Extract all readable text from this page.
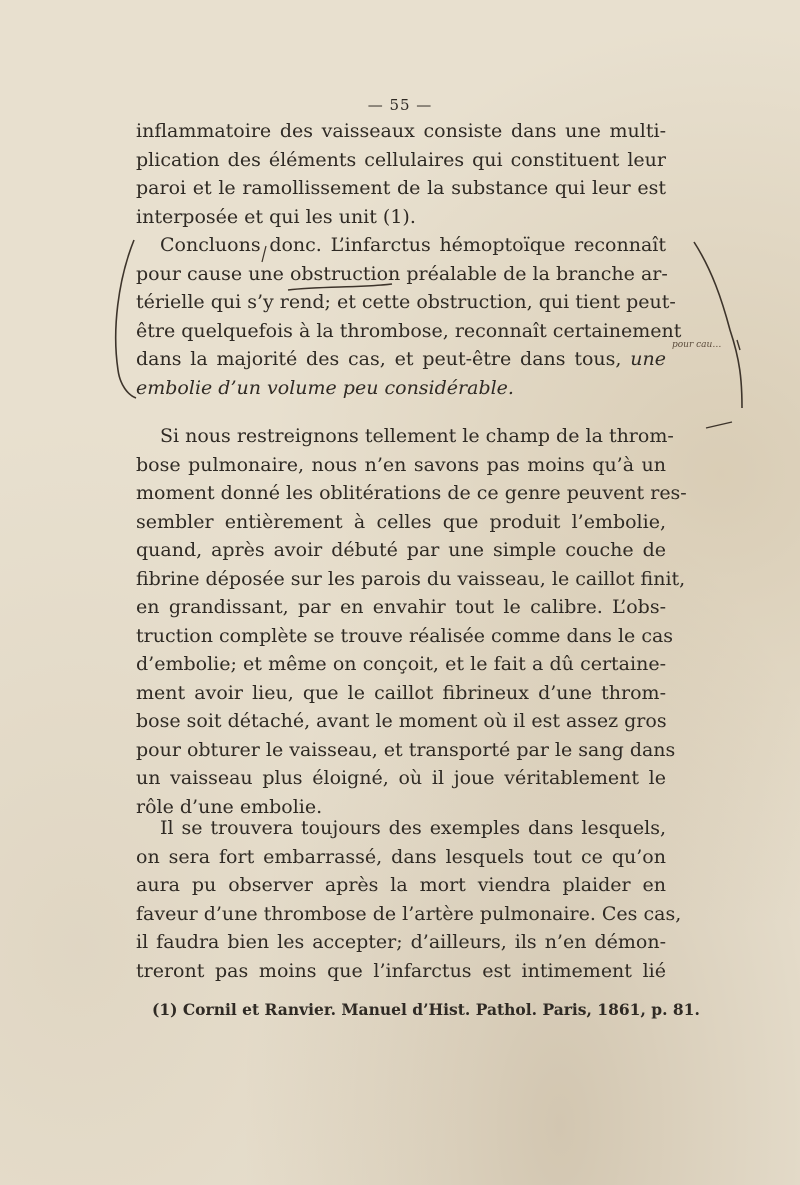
— 55 —

inflammatoire des vaisseaux consiste dans une multi-
plication des éléments cellulaires qui constituent leur
paroi et le ramollissement de la substance qui leur est
interposée et qui les unit (1).

Concluons donc. L’infarctus hémoptoïque reconnaît
pour cause une obstruction préalable de la branche ar-
térielle qui s’y rend; et cette obstruction, qui tient peut-
être quelquefois à la thrombose, reconnaît certainement
dans la majorité des cas, et peut-être dans tous, une
embolie d’un volume peu considérable.

Si nous restreignons tellement le champ de la throm-
bose pulmonaire, nous n’en savons pas moins qu’à un
moment donné les oblitérations de ce genre peuvent res-
sembler entièrement à celles que produit l’embolie,
quand, après avoir débuté par une simple couche de
fibrine déposée sur les parois du vaisseau, le caillot finit,
en grandissant, par en envahir tout le calibre. L’obs-
truction complète se trouve réalisée comme dans le cas
d’embolie; et même on conçoit, et le fait a dû certaine-
ment avoir lieu, que le caillot fibrineux d’une throm-
bose soit détaché, avant le moment où il est assez gros
pour obturer le vaisseau, et transporté par le sang dans
un vaisseau plus éloigné, où il joue véritablement le
rôle d’une embolie.

Il se trouvera toujours des exemples dans lesquels,
on sera fort embarrassé, dans lesquels tout ce qu’on
aura pu observer après la mort viendra plaider en
faveur d’une thrombose de l’artère pulmonaire. Ces cas,
il faudra bien les accepter; d’ailleurs, ils n’en démon-
treront pas moins que l’infarctus est intimement lié

(1) Cornil et Ranvier. Manuel d’Hist. Pathol. Paris, 1861, p. 81.
pour cau…
